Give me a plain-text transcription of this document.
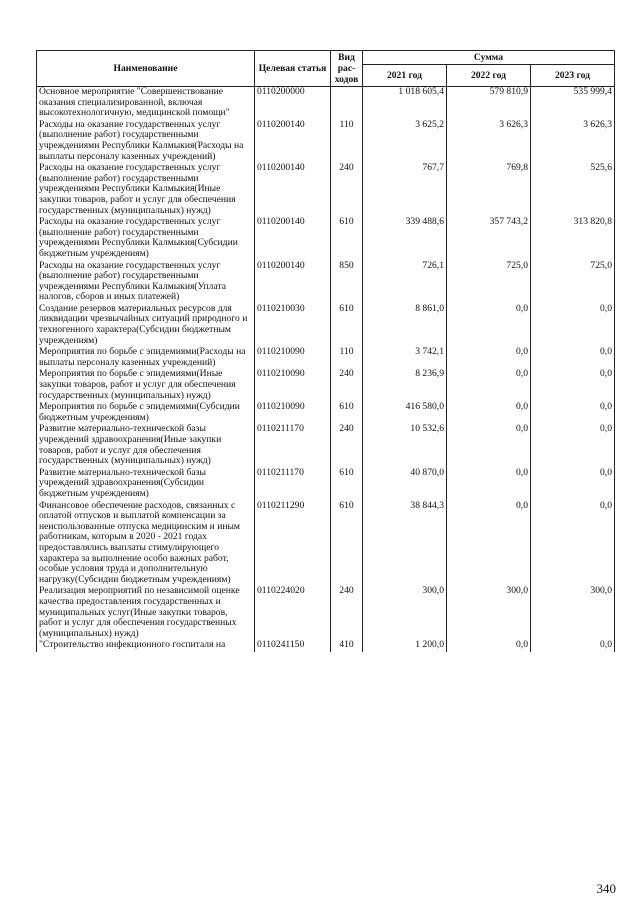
Наименование	Целевая статья	Вид рас-ходов	Сумма		
			2021 год	2022 год	2023 год
Основное мероприятие "Совершенствование оказания специализированной, включая высокотехнологичную, медицинской помощи"	0110200000		1 018 605,4	579 810,9	535 999,4
Расходы на оказание государственных услуг (выполнение работ) государственными учреждениями Республики Калмыкия(Расходы на выплаты персоналу казенных учреждений)	0110200140	110	3 625,2	3 626,3	3 626,3
Расходы на оказание государственных услуг (выполнение работ) государственными учреждениями Республики Калмыкия(Иные закупки товаров, работ и услуг для обеспечения государственных (муниципальных) нужд)	0110200140	240	767,7	769,8	525,6
Расходы на оказание государственных услуг (выполнение работ) государственными учреждениями Республики Калмыкия(Субсидии бюджетным учреждениям)	0110200140	610	339 488,6	357 743,2	313 820,8
Расходы на оказание государственных услуг (выполнение работ) государственными учреждениями Республики Калмыкия(Уплата налогов, сборов и иных платежей)	0110200140	850	726,1	725,0	725,0
Создание резервов материальных ресурсов для ликвидации чрезвычайных ситуаций природного и техногенного характера(Субсидии бюджетным учреждениям)	0110210030	610	8 861,0	0,0	0,0
Мероприятия по борьбе с эпидемиями(Расходы на выплаты персоналу казенных учреждений)	0110210090	110	3 742,1	0,0	0,0
Мероприятия по борьбе с эпидемиями(Иные закупки товаров, работ и услуг для обеспечения государственных (муниципальных) нужд)	0110210090	240	8 236,9	0,0	0,0
Мероприятия по борьбе с эпидемиями(Субсидии бюджетным учреждениям)	0110210090	610	416 580,0	0,0	0,0
Развитие материально-технической базы учреждений здравоохранения(Иные закупки товаров, работ и услуг для обеспечения государственных (муниципальных) нужд)	0110211170	240	10 532,6	0,0	0,0
Развитие материально-технической базы учреждений здравоохранения(Субсидии бюджетным учреждениям)	0110211170	610	40 870,0	0,0	0,0
Финансовое обеспечение расходов, связанных с оплатой отпусков и выплатой компенсации за неиспользованные отпуска медицинским и иным работникам, которым в 2020 - 2021 годах предоставлялись выплаты стимулирующего характера за выполнение особо важных работ, особые условия труда и дополнительную нагрузку(Субсидии бюджетным учреждениям)	0110211290	610	38 844,3	0,0	0,0
Реализация мероприятий по независимой оценке качества предоставления государственных и муниципальных услуг(Иные закупки товаров, работ и услуг для обеспечения государственных (муниципальных) нужд)	0110224020	240	300,0	300,0	300,0
"Строительство инфекционного госпиталя на	0110241150	410	1 200,0	0,0	0,0
340
